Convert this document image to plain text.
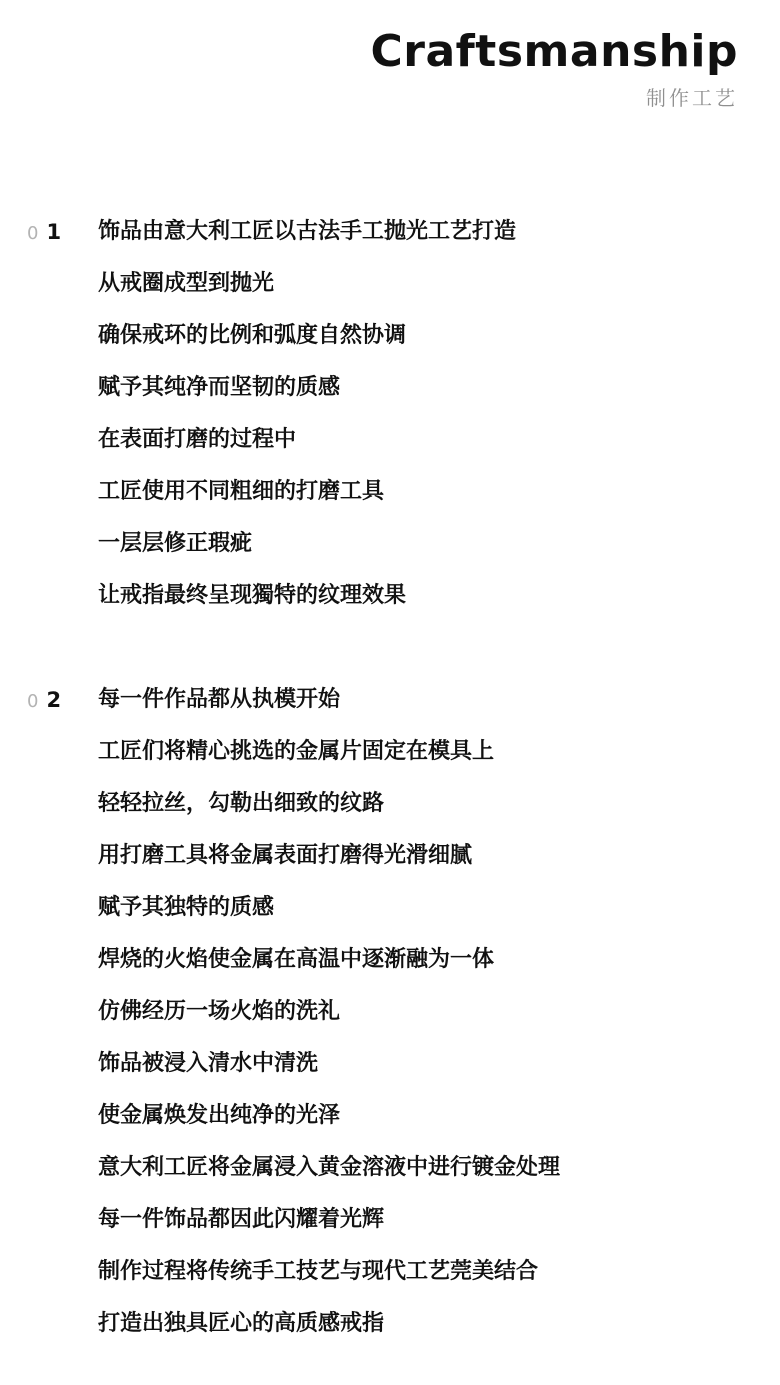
Craftsmanship
制作工艺
0 1 饰品由意大利工匠以古法手工抛光工艺打造
从戒圈成型到抛光
确保戒环的比例和弧度自然协调
赋予其纯净而坚韧的质感
在表面打磨的过程中
工匠使用不同粗细的打磨工具
一层层修正瑕疵
让戒指最终呈现獨特的纹理效果
0 2 每一件作品都从执模开始
工匠们将精心挑选的金属片固定在模具上
轻轻拉丝，勾勒出细致的纹路
用打磨工具将金属表面打磨得光滑细腻
赋予其独特的质感
焊烧的火焰使金属在高温中逐渐融为一体
仿佛经历一场火焰的洗礼
饰品被浸入清水中清洗
使金属焕发出纯净的光泽
意大利工匠将金属浸入黄金溶液中进行镀金处理
每一件饰品都因此闪耀着光辉
制作过程将传统手工技艺与现代工艺莞美结合
打造出独具匠心的高质感戒指
